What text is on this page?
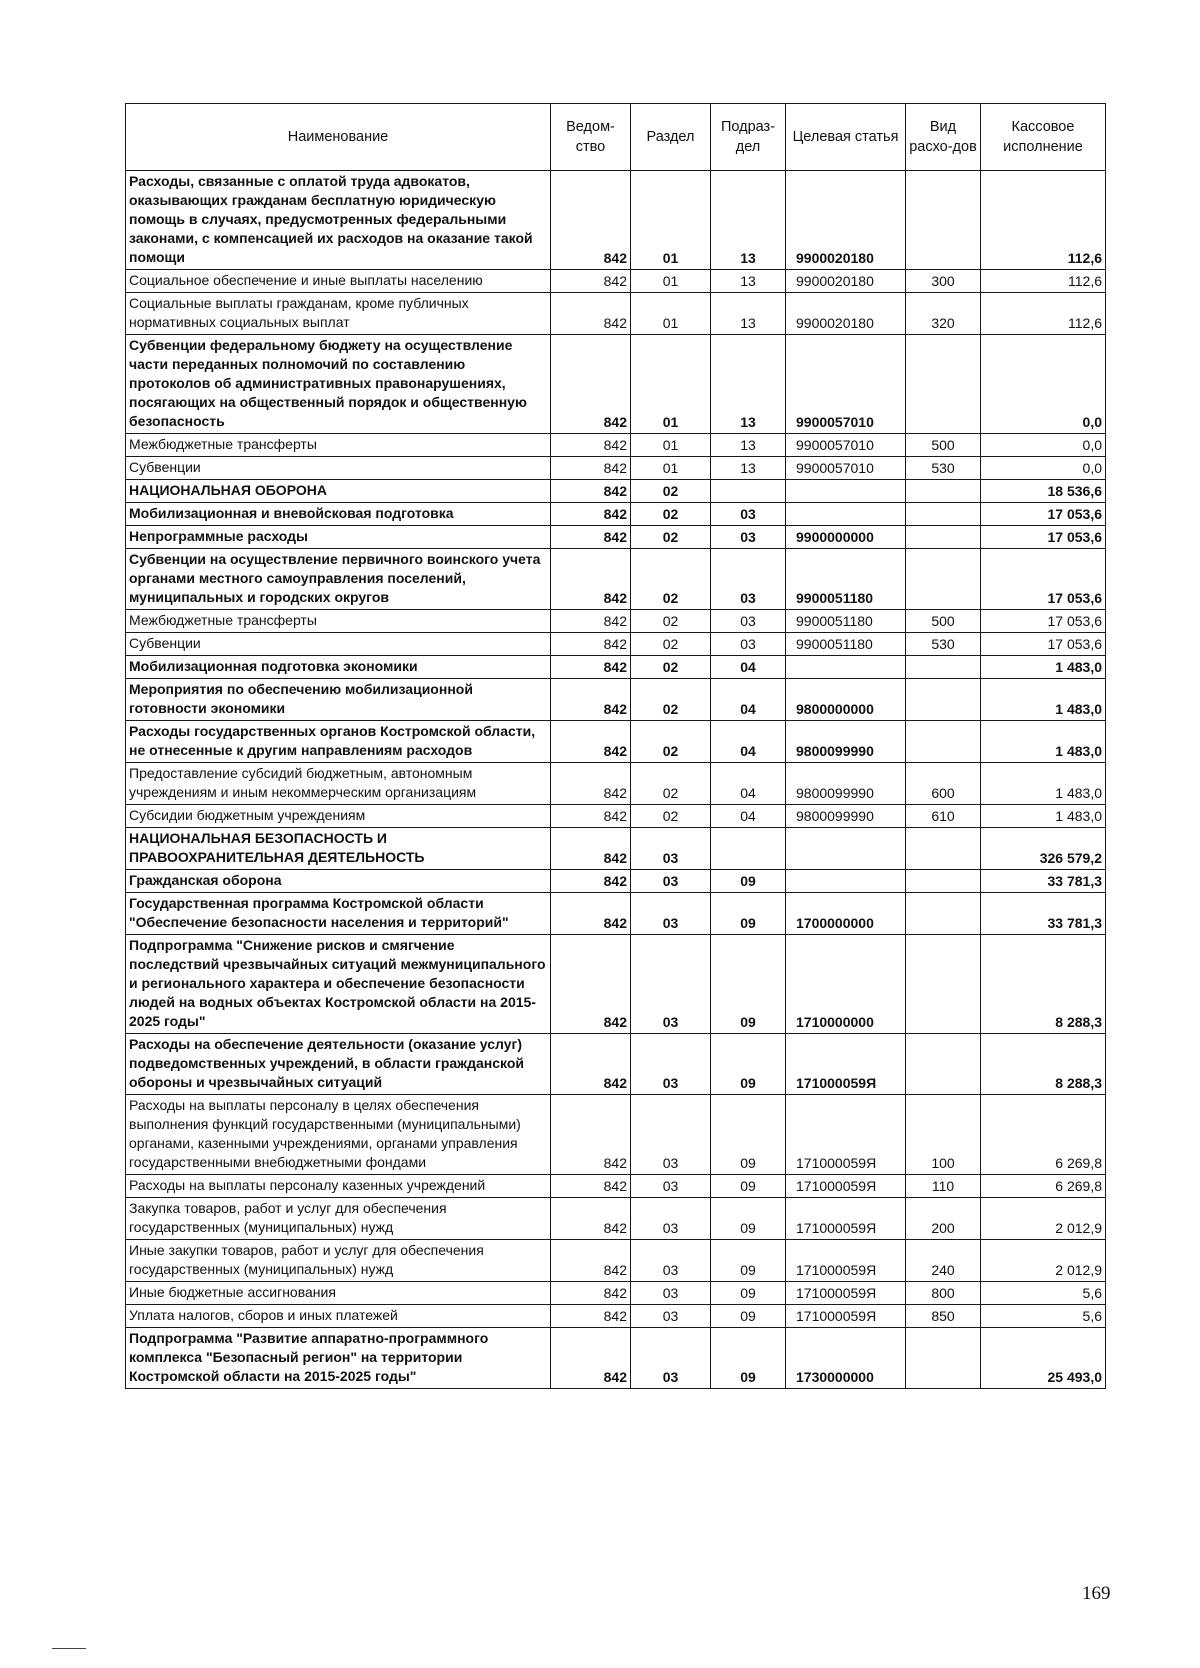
Наименование	Ведом-ство	Раздел	Подраз-дел	Целевая статья	Вид расхо-дов	Кассовое исполнение
Расходы, связанные с оплатой труда адвокатов, оказывающих гражданам бесплатную юридическую помощь в случаях, предусмотренных федеральными законами, с компенсацией их расходов на оказание такой помощи	842	01	13	9900020180		112,6
Социальное обеспечение и иные выплаты населению	842	01	13	9900020180	300	112,6
Социальные выплаты гражданам, кроме публичных нормативных социальных выплат	842	01	13	9900020180	320	112,6
Субвенции федеральному бюджету на осуществление части переданных полномочий по составлению протоколов об административных правонарушениях, посягающих на общественный порядок и общественную безопасность	842	01	13	9900057010		0,0
Межбюджетные трансферты	842	01	13	9900057010	500	0,0
Субвенции	842	01	13	9900057010	530	0,0
НАЦИОНАЛЬНАЯ ОБОРОНА	842	02				18 536,6
Мобилизационная и вневойсковая подготовка	842	02	03			17 053,6
Непрограммные расходы	842	02	03	9900000000		17 053,6
Субвенции на осуществление первичного воинского учета органами местного самоуправления поселений, муниципальных и городских округов	842	02	03	9900051180		17 053,6
Межбюджетные трансферты	842	02	03	9900051180	500	17 053,6
Субвенции	842	02	03	9900051180	530	17 053,6
Мобилизационная подготовка экономики	842	02	04			1 483,0
Мероприятия по обеспечению мобилизационной готовности экономики	842	02	04	9800000000		1 483,0
Расходы государственных органов Костромской области, не отнесенные к другим направлениям расходов	842	02	04	9800099990		1 483,0
Предоставление субсидий бюджетным, автономным учреждениям и иным некоммерческим организациям	842	02	04	9800099990	600	1 483,0
Субсидии бюджетным учреждениям	842	02	04	9800099990	610	1 483,0
НАЦИОНАЛЬНАЯ БЕЗОПАСНОСТЬ И ПРАВООХРАНИТЕЛЬНАЯ ДЕЯТЕЛЬНОСТЬ	842	03				326 579,2
Гражданская оборона	842	03	09			33 781,3
Государственная программа Костромской области "Обеспечение безопасности населения и территорий"	842	03	09	1700000000		33 781,3
Подпрограмма "Снижение рисков и смягчение последствий чрезвычайных ситуаций межмуниципального и регионального характера и обеспечение безопасности людей на водных объектах Костромской области на 2015-2025 годы"	842	03	09	1710000000		8 288,3
Расходы на обеспечение деятельности (оказание услуг) подведомственных учреждений, в области гражданской обороны и чрезвычайных ситуаций	842	03	09	171000059Я		8 288,3
Расходы на выплаты персоналу в целях обеспечения выполнения функций государственными (муниципальными) органами, казенными учреждениями, органами управления государственными внебюджетными фондами	842	03	09	171000059Я	100	6 269,8
Расходы на выплаты персоналу казенных учреждений	842	03	09	171000059Я	110	6 269,8
Закупка товаров, работ и услуг для обеспечения государственных (муниципальных) нужд	842	03	09	171000059Я	200	2 012,9
Иные закупки товаров, работ и услуг для обеспечения государственных (муниципальных) нужд	842	03	09	171000059Я	240	2 012,9
Иные бюджетные ассигнования	842	03	09	171000059Я	800	5,6
Уплата налогов, сборов и иных платежей	842	03	09	171000059Я	850	5,6
Подпрограмма "Развитие аппаратно-программного комплекса "Безопасный регион" на территории Костромской области на 2015-2025 годы"	842	03	09	1730000000		25 493,0
169
